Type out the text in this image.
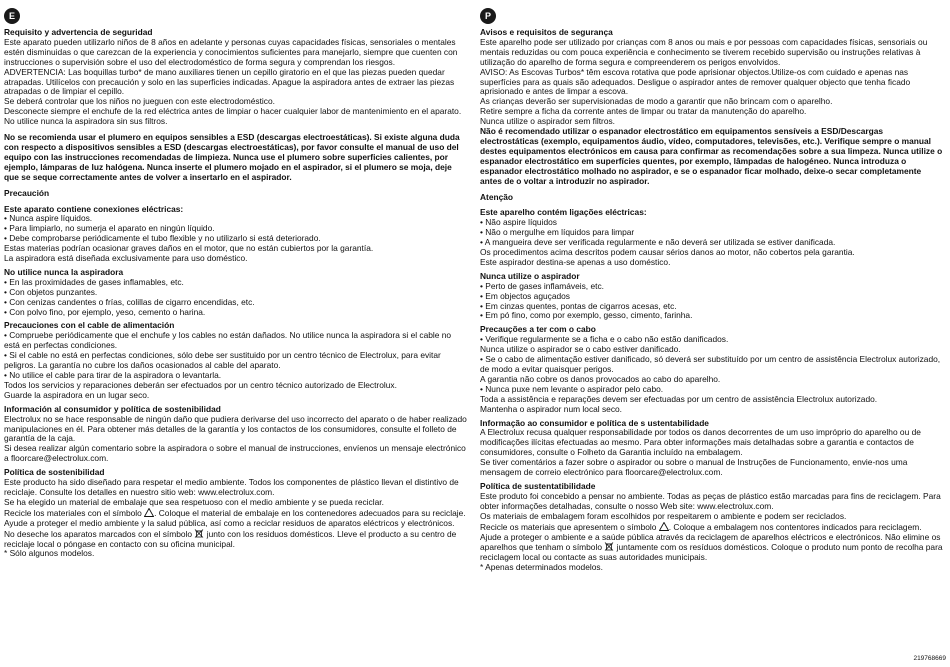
E
Requisito y advertencia de seguridad

Este aparato pueden utilizarlo niños de 8 años en adelante y personas cuyas capacidades físicas, sensoriales o mentales estén disminuidas o que carezcan de la experiencia y conocimientos suficientes para manejarlo, siempre que cuenten con instrucciones o supervisión sobre el uso del electrodoméstico de forma segura y comprendan los riesgos.

ADVERTENCIA: Las boquillas turbo* de mano auxiliares tienen un cepillo giratorio en el que las piezas pueden quedar atrapadas. Utilícelos con precaución y solo en las superficies indicadas. Apague la aspiradora antes de extraer las piezas atrapadas o de limpiar el cepillo.

Se deberá controlar que los niños no jueguen con este electrodoméstico.

Desconecte siempre el enchufe de la red eléctrica antes de limpiar o hacer cualquier labor de mantenimiento en el aparato.

No utilice nunca la aspiradora sin sus filtros.

No se recomienda usar el plumero en equipos sensibles a ESD (descargas electroestáticas). Si existe alguna duda con respecto a dispositivos sensibles a ESD (descargas electroestáticas), por favor consulte el manual de uso del equipo con las instrucciones recomendadas de limpieza. Nunca use el plumero sobre superficies calientes, por ejemplo, lámparas de luz halógena. Nunca inserte el plumero mojado en el aspirador, si el plumero se moja, deje que se seque correctamente antes de volver a insertarlo en el aspirador.

Precaución
Este aparato contiene conexiones eléctricas:

• Nunca aspire líquidos.

• Para limpiarlo, no sumerja el aparato en ningún líquido.

• Debe comprobarse periódicamente el tubo flexible y no utilizarlo si está deteriorado.

Estas materias podrían ocasionar graves daños en el motor, que no están cubiertos por la garantía.

La aspiradora está diseñada exclusivamente para uso doméstico.

No utilice nunca la aspiradora

• En las proximidades de gases inflamables, etc.

• Con objetos punzantes.

• Con cenizas candentes o frías, colillas de cigarro encendidas, etc.

• Con polvo fino, por ejemplo, yeso, cemento o harina.

Precauciones con el cable de alimentación

• Compruebe periódicamente que el enchufe y los cables no están dañados. No utilice nunca la aspiradora si el cable no está en perfectas condiciones.

• Si el cable no está en perfectas condiciones, sólo debe ser sustituido por un centro técnico de Electrolux, para evitar peligros. La garantía no cubre los daños ocasionados al cable del aparato.

• No utilice el cable para tirar de la aspiradora o levantarla.

Todos los servicios y reparaciones deberán ser efectuados por un centro técnico autorizado de Electrolux.

Guarde la aspiradora en un lugar seco.

Información al consumidor y política de sostenibilidad

Electrolux no se hace responsable de ningún daño que pudiera derivarse del uso incorrecto del aparato o de haber realizado manipulaciones en él. Para obtener más detalles de la garantía y los contactos de los consumidores, consulte el folleto de garantía de la caja.

Si desea realizar algún comentario sobre la aspiradora o sobre el manual de instrucciones, envíenos un mensaje electrónico a floorcare@electrolux.com.

Política de sostenibilidad

Este producto ha sido diseñado para respetar el medio ambiente. Todos los componentes de plástico llevan el distintivo de reciclaje. Consulte los detalles en nuestro sitio web: www.electrolux.com.

Se ha elegido un material de embalaje que sea respetuoso con el medio ambiente y se pueda reciclar.

Recicle los materiales con el símbolo . Coloque el material de embalaje en los contenedores adecuados para su reciclaje. Ayude a proteger el medio ambiente y la salud pública, así como a reciclar residuos de aparatos eléctricos y electrónicos. No deseche los aparatos marcados con el símbolo  junto con los residuos domésticos. Lleve el producto a su centro de reciclaje local o póngase en contacto con su oficina municipal.

* Sólo algunos modelos.

P
Avisos e requisitos de segurança

Este aparelho pode ser utilizado por crianças com 8 anos ou mais e por pessoas com capacidades físicas, sensoriais ou mentais reduzidas ou com pouca experiência e conhecimento se tiverem recebido supervisão ou instruções relativas à utilização do aparelho de forma segura e compreenderem os perigos envolvidos.

AVISO: As Escovas Turbos* têm escova rotativa que pode aprisionar objectos.Utilize-os com cuidado e apenas nas superfícies para as quais são adequados. Desligue o aspirador antes de remover qualquer objecto que tenha ficado aprisionado e antes de limpar a escova.

As crianças deverão ser supervisionadas de modo a garantir que não brincam com o aparelho.

Retire sempre a ficha da corrente antes de limpar ou tratar da manutenção do aparelho.

Nunca utilize o aspirador sem filtros.

Não é recomendado utilizar o espanador electrostático em equipamentos sensíveis a ESD/Descargas electrostáticas (exemplo, equipamentos áudio, vídeo, computadores, televisões, etc.). Verifique sempre o manual destes equipamentos electrónicos em causa para confirmar as recomendações sobre a sua limpeza. Nunca utilize o espanador electrostático em superfícies quentes, por exemplo, lâmpadas de halogéneo. Nunca introduza o espanador electrostático molhado no aspirador, e se o espanador ficar molhado, deixe-o secar completamente antes de o voltar a introduzir no aspirador.

Atenção
Este aparelho contém ligações eléctricas:

• Não aspire líquidos

• Não o mergulhe em líquidos para limpar

• A mangueira deve ser verificada regularmente e não deverá ser utilizada se estiver danificada.

Os procedimentos acima descritos podem causar sérios danos ao motor, não cobertos pela garantia.

Este aspirador destina-se apenas a uso doméstico.

Nunca utilize o aspirador

• Perto de gases inflamáveis, etc.

• Em objectos aguçados

• Em cinzas quentes, pontas de cigarros acesas, etc.

• Em pó fino, como por exemplo, gesso, cimento, farinha.

Precauções a ter com o cabo

• Verifique regularmente se a ficha e o cabo não estão danificados.

Nunca utilize o aspirador se o cabo estiver danificado.

• Se o cabo de alimentação estiver danificado, só deverá ser substituído por um centro de assistência Electrolux autorizado, de modo a evitar quaisquer perigos.

A garantia não cobre os danos provocados ao cabo do aparelho.

• Nunca puxe nem levante o aspirador pelo cabo.

Toda a assistência e reparações devem ser efectuadas por um centro de assistência Electrolux autorizado.

Mantenha o aspirador num local seco.

Informação ao consumidor e política de s ustentabilidade

A Electrolux recusa qualquer responsabilidade por todos os danos decorrentes de um uso impróprio do aparelho ou de modificações ilícitas efectuadas ao mesmo. Para obter informações mais detalhadas sobre a garantia e contactos de consumidores, consulte o Folheto da Garantia incluído na embalagem.

Se tiver comentários a fazer sobre o aspirador ou sobre o manual de Instruções de Funcionamento, envie-nos uma mensagem de correio electrónico para floorcare@electrolux.com.

Política de sustentatibilidade

Este produto foi concebido a pensar no ambiente. Todas as peças de plástico estão marcadas para fins de reciclagem. Para obter informações detalhadas, consulte o nosso Web site: www.electrolux.com.

Os materiais de embalagem foram escolhidos por respeitarem o ambiente e podem ser reciclados.

Recicle os materiais que apresentem o símbolo . Coloque a embalagem nos contentores indicados para reciclagem. Ajude a proteger o ambiente e a saúde pública através da reciclagem de aparelhos eléctricos e electrónicos. Não elimine os aparelhos que tenham o símbolo  juntamente com os resíduos domésticos. Coloque o produto num ponto de recolha para reciclagem local ou contacte as suas autoridades municipais.

* Apenas determinados modelos.

219768669
